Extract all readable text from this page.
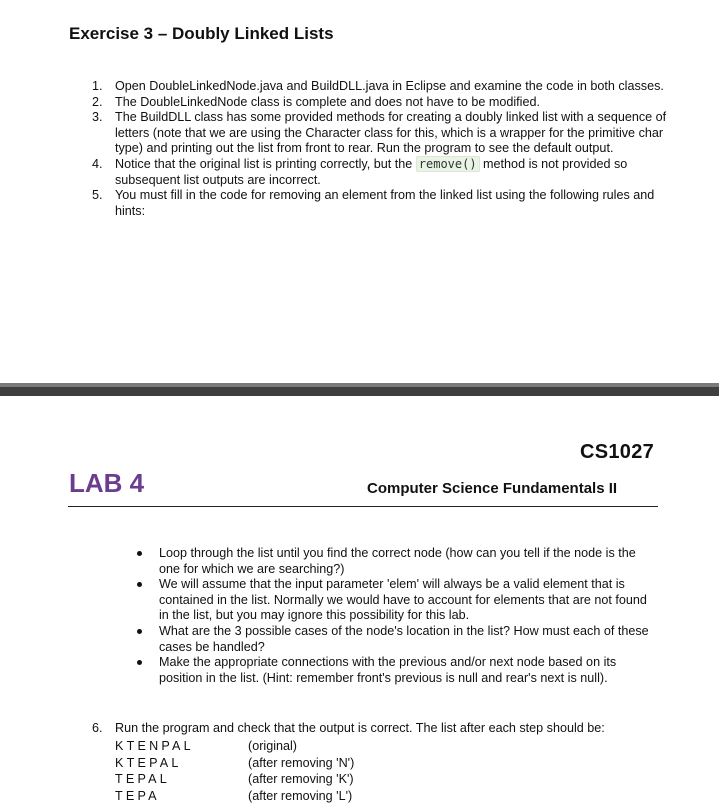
Exercise 3 – Doubly Linked Lists
1. Open DoubleLinkedNode.java and BuildDLL.java in Eclipse and examine the code in both classes.
2. The DoubleLinkedNode class is complete and does not have to be modified.
3. The BuildDLL class has some provided methods for creating a doubly linked list with a sequence of letters (note that we are using the Character class for this, which is a wrapper for the primitive char type) and printing out the list from front to rear. Run the program to see the default output.
4. Notice that the original list is printing correctly, but the remove() method is not provided so subsequent list outputs are incorrect.
5. You must fill in the code for removing an element from the linked list using the following rules and hints:
CS1027
LAB 4	Computer Science Fundamentals II
Loop through the list until you find the correct node (how can you tell if the node is the one for which we are searching?)
We will assume that the input parameter 'elem' will always be a valid element that is contained in the list. Normally we would have to account for elements that are not found in the list, but you may ignore this possibility for this lab.
What are the 3 possible cases of the node's location in the list? How must each of these cases be handled?
Make the appropriate connections with the previous and/or next node based on its position in the list. (Hint: remember front's previous is null and rear's next is null).
6. Run the program and check that the output is correct. The list after each step should be:
KTENPAL	(original)
KTEPAL	(after removing 'N')
TEPAL	(after removing 'K')
TEPA	(after removing 'L')
